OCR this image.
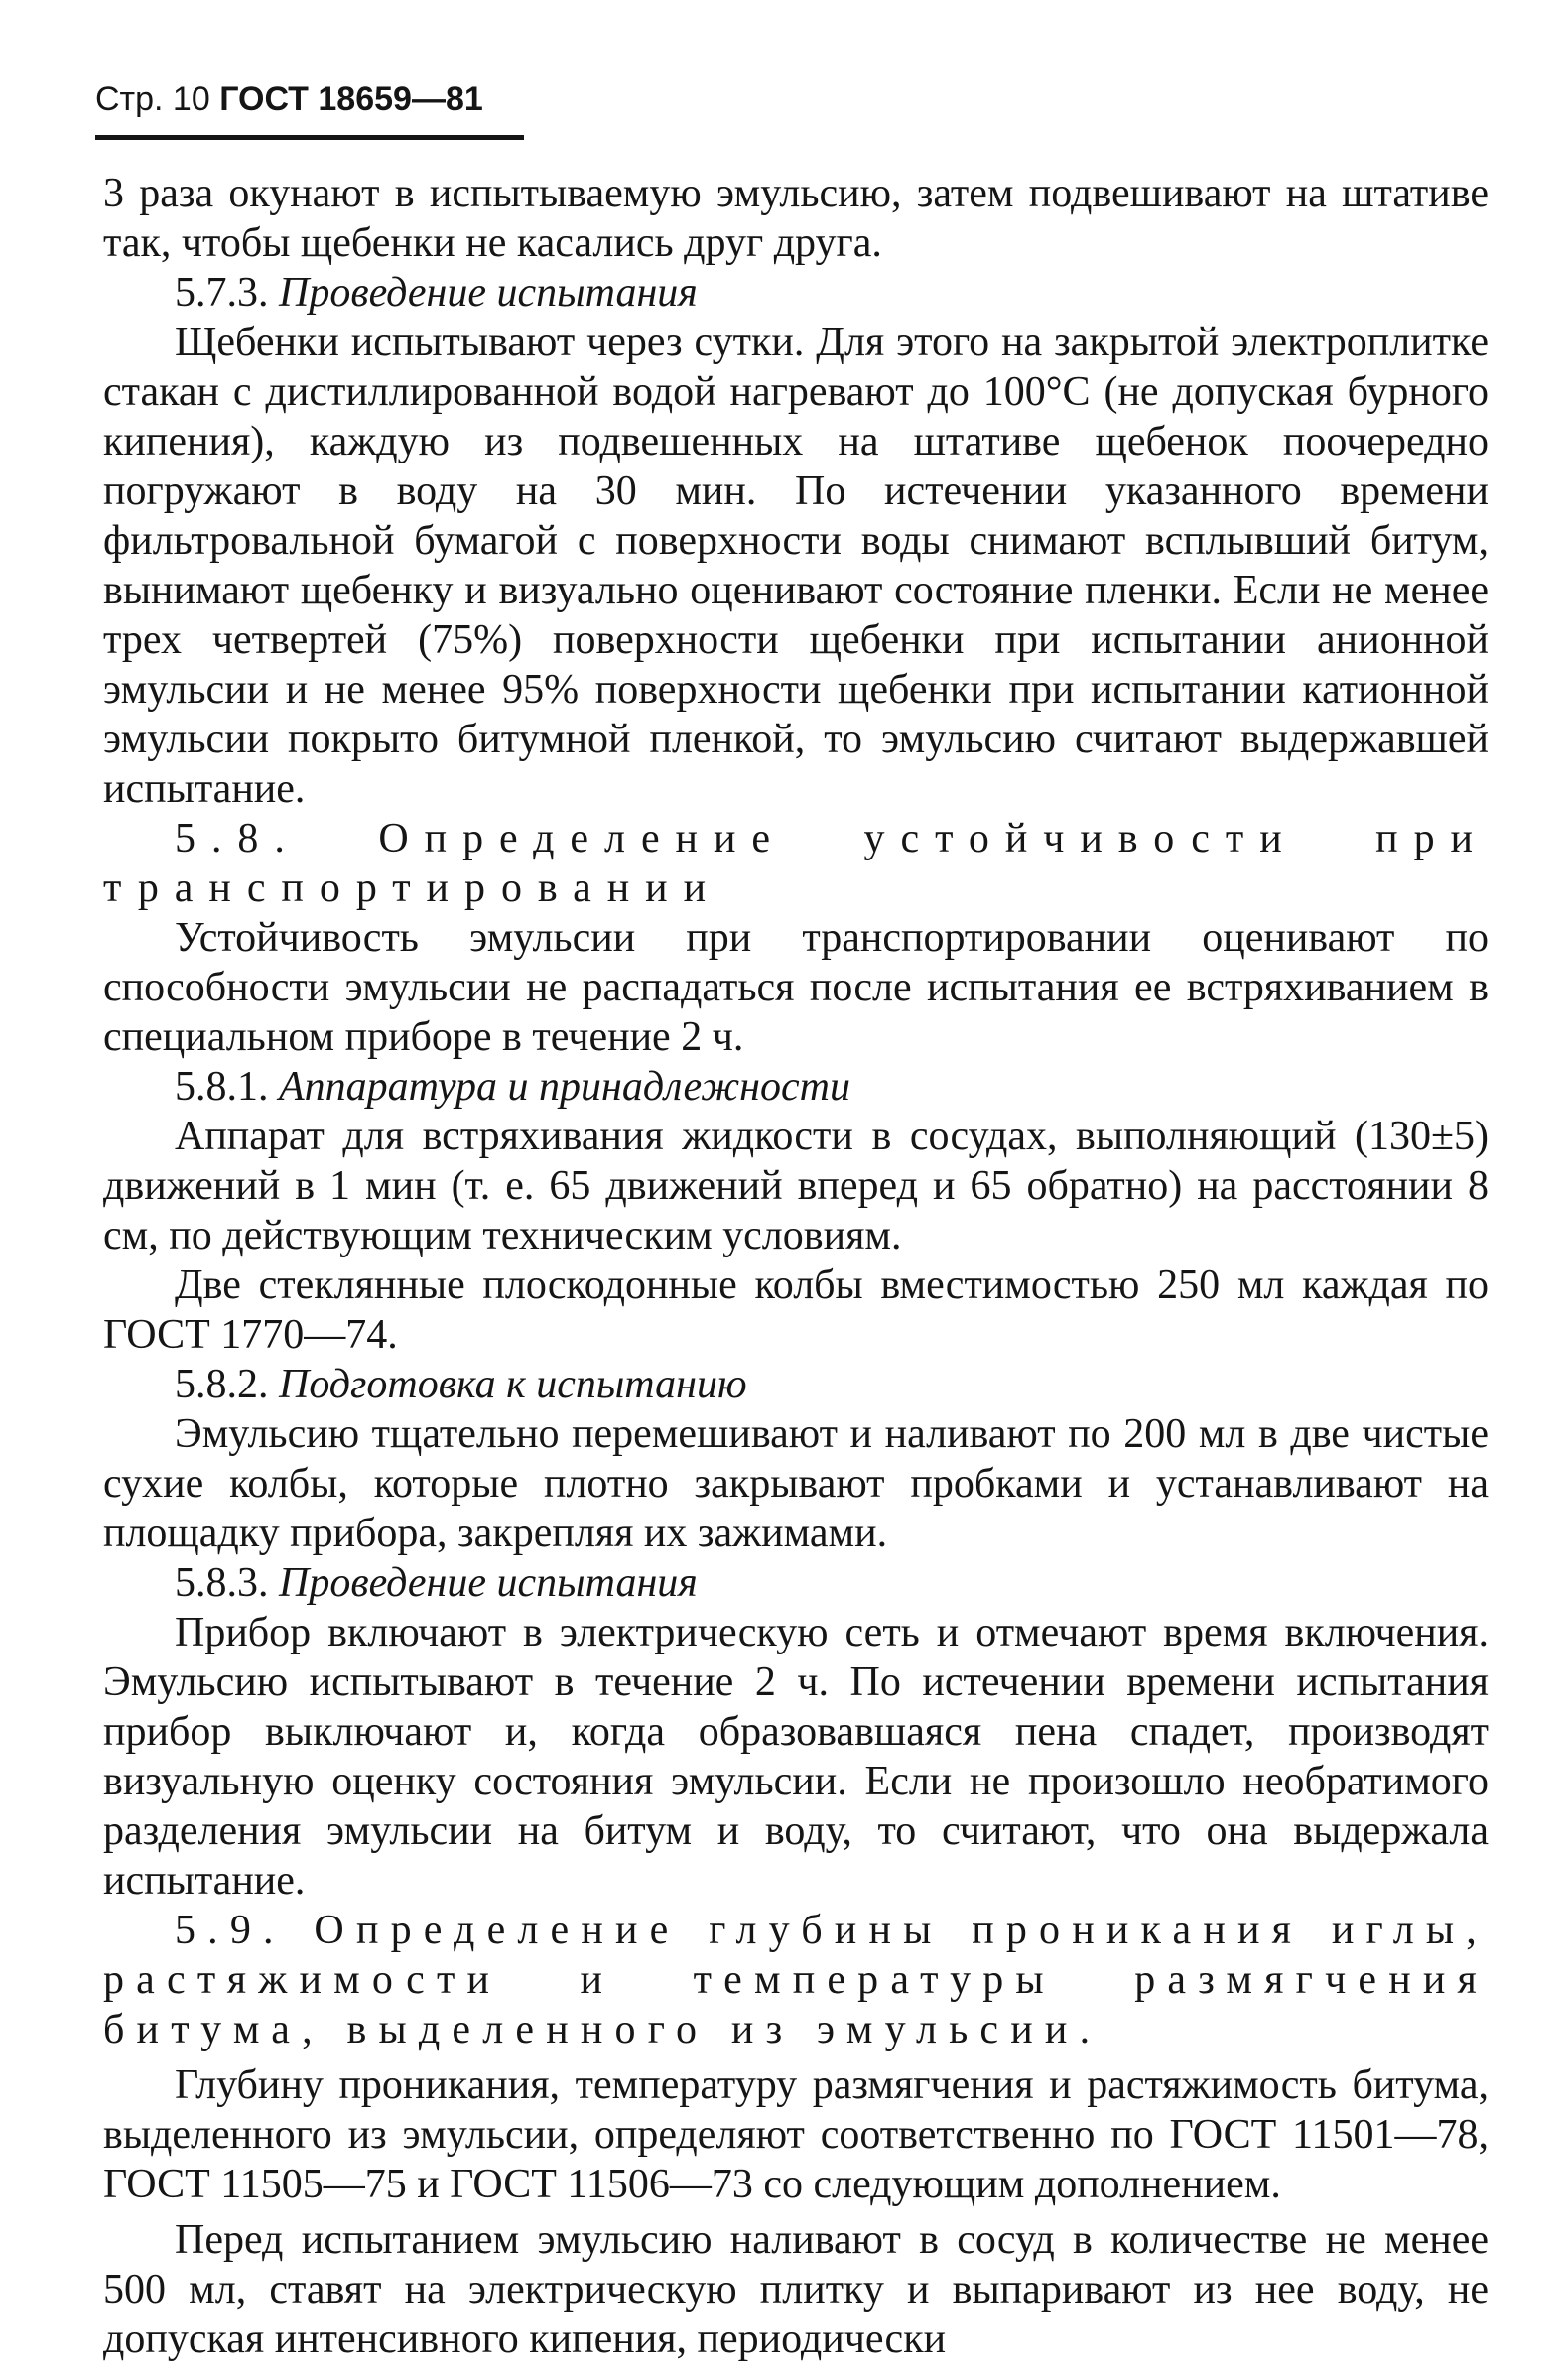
Стр. 10 ГОСТ 18659—81

3 раза окунают в испытываемую эмульсию, затем подвешивают на штативе так, чтобы щебенки не касались друг друга.

5.7.3. Проведение испытания

Щебенки испытывают через сутки. Для этого на закрытой электроплитке стакан с дистиллированной водой нагревают до 100°С (не допуская бурного кипения), каждую из подвешенных на штативе щебенок поочередно погружают в воду на 30 мин. По истечении указанного времени фильтровальной бумагой с поверхности воды снимают всплывший битум, вынимают щебенку и визуально оценивают состояние пленки. Если не менее трех четвертей (75%) поверхности щебенки при испытании анионной эмульсии и не менее 95% поверхности щебенки при испытании катионной эмульсии покрыто битумной пленкой, то эмульсию считают выдержавшей испытание.

5.8. Определение устойчивости при транспортировании

Устойчивость эмульсии при транспортировании оценивают по способности эмульсии не распадаться после испытания ее встряхиванием в специальном приборе в течение 2 ч.

5.8.1. Аппаратура и принадлежности

Аппарат для встряхивания жидкости в сосудах, выполняющий (130±5) движений в 1 мин (т. е. 65 движений вперед и 65 обратно) на расстоянии 8 см, по действующим техническим условиям.

Две стеклянные плоскодонные колбы вместимостью 250 мл каждая по ГОСТ 1770—74.

5.8.2. Подготовка к испытанию

Эмульсию тщательно перемешивают и наливают по 200 мл в две чистые сухие колбы, которые плотно закрывают пробками и устанавливают на площадку прибора, закрепляя их зажимами.

5.8.3. Проведение испытания

Прибор включают в электрическую сеть и отмечают время включения. Эмульсию испытывают в течение 2 ч. По истечении времени испытания прибор выключают и, когда образовавшаяся пена спадет, производят визуальную оценку состояния эмульсии. Если не произошло необратимого разделения эмульсии на битум и воду, то считают, что она выдержала испытание.

5.9. Определение глубины проникания иглы, растяжимости и температуры размягчения битума, выделенного из эмульсии.

Глубину проникания, температуру размягчения и растяжимость битума, выделенного из эмульсии, определяют соответственно по ГОСТ 11501—78, ГОСТ 11505—75 и ГОСТ 11506—73 со следующим дополнением.

Перед испытанием эмульсию наливают в сосуд в количестве не менее 500 мл, ставят на электрическую плитку и выпаривают из нее воду, не допуская интенсивного кипения, периодически
